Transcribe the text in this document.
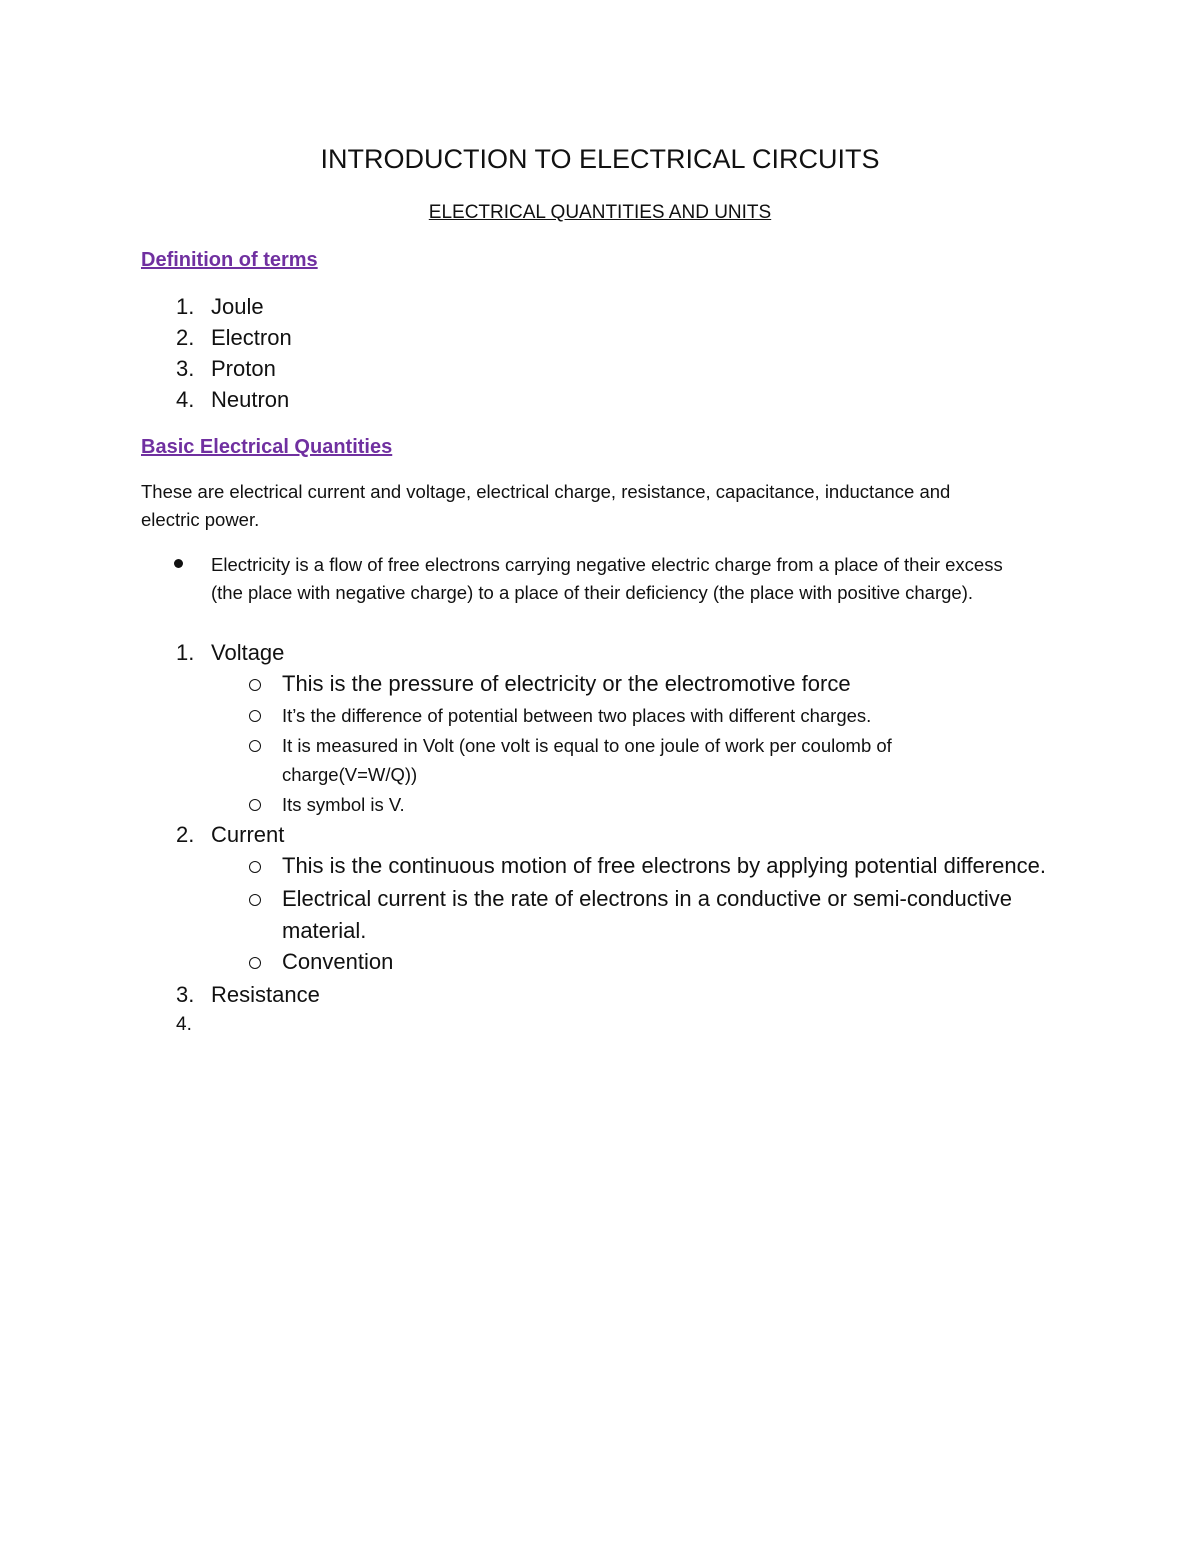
INTRODUCTION TO ELECTRICAL CIRCUITS
ELECTRICAL QUANTITIES AND UNITS
Definition of terms
1. Joule
2. Electron
3. Proton
4. Neutron
Basic Electrical Quantities
These are electrical current and voltage, electrical charge, resistance, capacitance, inductance and
electric power.
Electricity is a flow of free electrons carrying negative electric charge from a place of their excess
(the place with negative charge) to a place of their deficiency (the place with positive charge).
1. Voltage
This is the pressure of electricity or the electromotive force
It’s the difference of potential between two places with different charges.
It is measured in Volt (one volt is equal to one joule of work per coulomb of
charge(V=W/Q))
Its symbol is V.
2. Current
This is the continuous motion of free electrons by applying potential difference.
Electrical current is the rate of electrons in a conductive or semi-conductive
material.
Convention
3. Resistance
4.
